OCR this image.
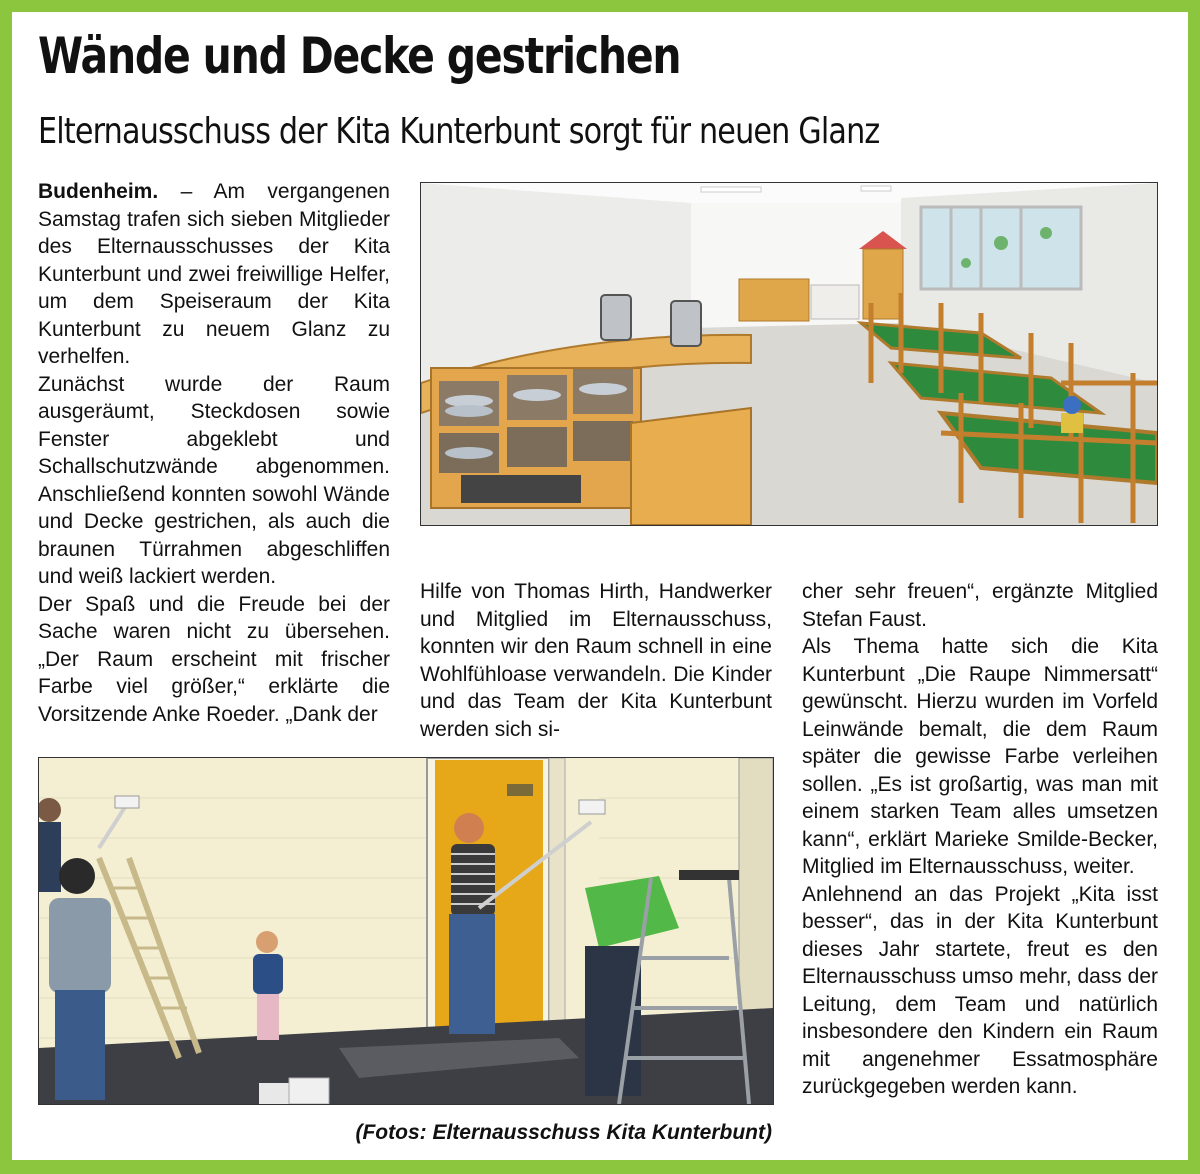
Wände und Decke gestrichen
Elternausschuss der Kita Kunterbunt sorgt für neuen Glanz

Budenheim. – Am vergangenen Samstag trafen sich sieben Mitglieder des Elternausschusses der Kita Kunterbunt und zwei freiwillige Helfer, um dem Speiseraum der Kita Kunterbunt zu neuem Glanz zu verhelfen.

Zunächst wurde der Raum ausgeräumt, Steckdosen sowie Fenster abgeklebt und Schallschutzwände abgenommen. Anschließend konnten sowohl Wände und Decke gestrichen, als auch die braunen Türrahmen abgeschliffen und weiß lackiert werden.

Der Spaß und die Freude bei der Sache waren nicht zu übersehen. „Der Raum erscheint mit frischer Farbe viel größer,“ erklärte die Vorsitzende Anke Roeder. „Dank der

Hilfe von Thomas Hirth, Handwerker und Mitglied im Elternausschuss, konnten wir den Raum schnell in eine Wohlfühloase verwandeln. Die Kinder und das Team der Kita Kunterbunt werden sich si-

cher sehr freuen“, ergänzte Mitglied Stefan Faust.

Als Thema hatte sich die Kita Kunterbunt „Die Raupe Nimmersatt“ gewünscht. Hierzu wurden im Vorfeld Leinwände bemalt, die dem Raum später die gewisse Farbe verleihen sollen. „Es ist großartig, was man mit einem starken Team alles umsetzen kann“, erklärt Marieke Smilde-Becker, Mitglied im Elternausschuss, weiter.

Anlehnend an das Projekt „Kita isst besser“, das in der Kita Kunterbunt dieses Jahr startete, freut es den Elternausschuss umso mehr, dass der Leitung, dem Team und natürlich insbesondere den Kindern ein Raum mit angenehmer Essatmosphäre zurückgegeben werden kann.

(Fotos: Elternausschuss Kita Kunterbunt)
